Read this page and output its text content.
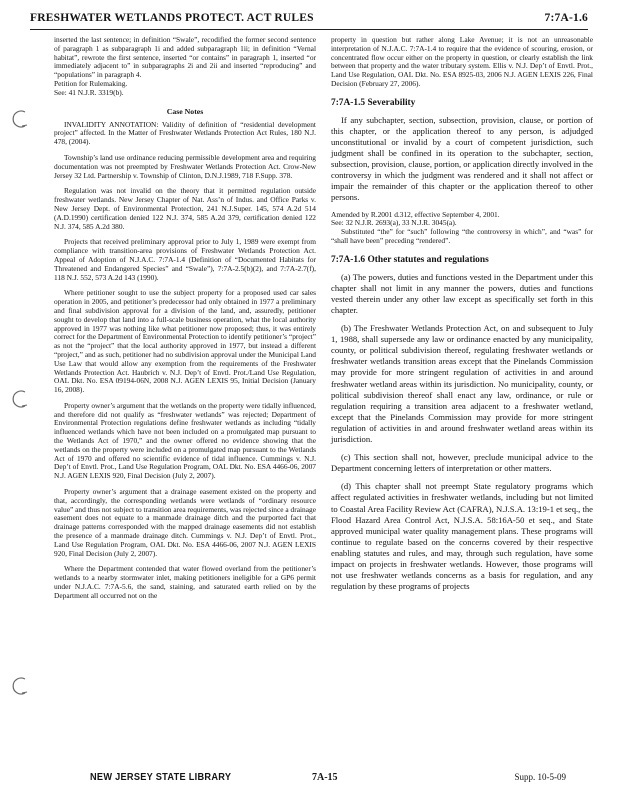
FRESHWATER WETLANDS PROTECT. ACT RULES	7:7A-1.6

inserted the last sentence; in definition “Swale”, recodified the former second sentence of paragraph 1 as subparagraph 1i and added subparagraph 1ii; in definition “Vernal habitat”, rewrote the first sentence, inserted “or contains” in paragraph 1, inserted “or immediately adjacent to” in subparagraphs 2i and 2ii and inserted “reproducing” and “populations” in paragraph 4.

Petition for Rulemaking.

See: 41 N.J.R. 3319(b).

Case Notes

INVALIDITY ANNOTATION: Validity of definition of “residential development project” affected. In the Matter of Freshwater Wetlands Protection Act Rules, 180 N.J. 478, (2004).

Township’s land use ordinance reducing permissible development area and requiring documentation was not preempted by Freshwater Wetlands Protection Act. Crow-New Jersey 32 Ltd. Partnership v. Township of Clinton, D.N.J.1989, 718 F.Supp. 378.

Regulation was not invalid on the theory that it permitted regulation outside freshwater wetlands. New Jersey Chapter of Nat. Ass’n of Indus. and Office Parks v. New Jersey Dept. of Environmental Protection, 241 N.J.Super. 145, 574 A.2d 514 (A.D.1990) certification denied 122 N.J. 374, 585 A.2d 379, certification denied 122 N.J. 374, 585 A.2d 380.

Projects that received preliminary approval prior to July 1, 1989 were exempt from compliance with transition-area provisions of Freshwater Wetlands Protection Act. Appeal of Adoption of N.J.A.C. 7:7A-1.4 (Definition of “Documented Habitats for Threatened and Endangered Species” and “Swale”), 7:7A-2.5(b)(2), and 7:7A-2.7(f), 118 N.J. 552, 573 A.2d 143 (1990).

Where petitioner sought to use the subject property for a proposed used car sales operation in 2005, and petitioner’s predecessor had only obtained in 1977 a preliminary and final subdivision approval for a division of the land, and, assuredly, petitioner sought to develop that land into a full-scale business operation, what the local authority approved in 1977 was nothing like what petitioner now proposed; thus, it was entirely correct for the Department of Environmental Protection to identify petitioner’s “project” as not the “project” that the local authority approved in 1977, but instead a different “project,” and as such, petitioner had no subdivision approval under the Municipal Land Use Law that would allow any exemption from the requirements of the Freshwater Wetlands Protection Act. Haubrich v. N.J. Dep’t of Envtl. Prot./Land Use Regulation, OAL Dkt. No. ESA 09194-06N, 2008 N.J. AGEN LEXIS 95, Initial Decision (January 16, 2008).

Property owner’s argument that the wetlands on the property were tidally influenced, and therefore did not qualify as “freshwater wetlands” was rejected; Department of Environmental Protection regulations define freshwater wetlands as including “tidally influenced wetlands which have not been included on a promulgated map pursuant to the Wetlands Act of 1970,” and the owner offered no evidence showing that the wetlands on the property were included on a promulgated map pursuant to the Wetlands Act of 1970 and offered no scientific evidence of tidal influence. Cummings v. N.J. Dep’t of Envtl. Prot., Land Use Regulation Program, OAL Dkt. No. ESA 4466-06, 2007 N.J. AGEN LEXIS 920, Final Decision (July 2, 2007).

Property owner’s argument that a drainage easement existed on the property and that, accordingly, the corresponding wetlands were wetlands of “ordinary resource value” and thus not subject to transition area requirements, was rejected since a drainage easement does not equate to a manmade drainage ditch and the purported fact that drainage patterns corresponded with the mapped drainage easements did not establish the presence of a manmade drainage ditch. Cummings v. N.J. Dep’t of Envtl. Prot., Land Use Regulation Program, OAL Dkt. No. ESA 4466-06, 2007 N.J. AGEN LEXIS 920, Final Decision (July 2, 2007).

Where the Department contended that water flowed overland from the petitioner’s wetlands to a nearby stormwater inlet, making petitioners ineligible for a GP6 permit under N.J.A.C. 7:7A-5.6, the sand, staining, and saturated earth relied on by the Department all occurred not on the

property in question but rather along Lake Avenue; it is not an unreasonable interpretation of N.J.A.C. 7:7A-1.4 to require that the evidence of scouring, erosion, or concentrated flow occur either on the property in question, or clearly establish the link between that property and the water tributary system. Ellis v. N.J. Dep’t of Envtl. Prot., Land Use Regulation, OAL Dkt. No. ESA 8925-03, 2006 N.J. AGEN LEXIS 226, Final Decision (February 27, 2006).

7:7A-1.5 Severability

If any subchapter, section, subsection, provision, clause, or portion of this chapter, or the application thereof to any person, is adjudged unconstitutional or invalid by a court of competent jurisdiction, such judgment shall be confined in its operation to the subchapter, section, subsection, provision, clause, portion, or application directly involved in the controversy in which the judgment was rendered and it shall not affect or impair the remainder of this chapter or the application thereof to other persons.

Amended by R.2001 d.312, effective September 4, 2001.

See: 32 N.J.R. 2693(a), 33 N.J.R. 3045(a).

Substituted “the” for “such” following “the controversy in which”, and “was” for “shall have been” preceding “rendered”.

7:7A-1.6 Other statutes and regulations

(a) The powers, duties and functions vested in the Department under this chapter shall not limit in any manner the powers, duties and functions vested therein under any other law except as specifically set forth in this chapter.

(b) The Freshwater Wetlands Protection Act, on and subsequent to July 1, 1988, shall supersede any law or ordinance enacted by any municipality, county, or political subdivision thereof, regulating freshwater wetlands or freshwater wetlands transition areas except that the Pinelands Commission may provide for more stringent regulation of activities in and around freshwater wetland areas within its jurisdiction. No municipality, county, or political subdivision thereof shall enact any law, ordinance, or rule or regulation requiring a transition area adjacent to a freshwater wetland, except that the Pinelands Commission may provide for more stringent regulation of activities in and around freshwater wetland areas within its jurisdiction.

(c) This section shall not, however, preclude municipal advice to the Department concerning letters of interpretation or other matters.

(d) This chapter shall not preempt State regulatory programs which affect regulated activities in freshwater wetlands, including but not limited to Coastal Area Facility Review Act (CAFRA), N.J.S.A. 13:19-1 et seq., the Flood Hazard Area Control Act, N.J.S.A. 58:16A-50 et seq., and State approved municipal water quality management plans. These programs will continue to regulate based on the concerns covered by their respective enabling statutes and rules, and may, through such regulation, have some impact on projects in freshwater wetlands. However, those programs will not use freshwater wetlands concerns as a basis for regulation, and any regulation by these programs of projects

NEW JERSEY STATE LIBRARY	7A-15	Supp. 10-5-09
